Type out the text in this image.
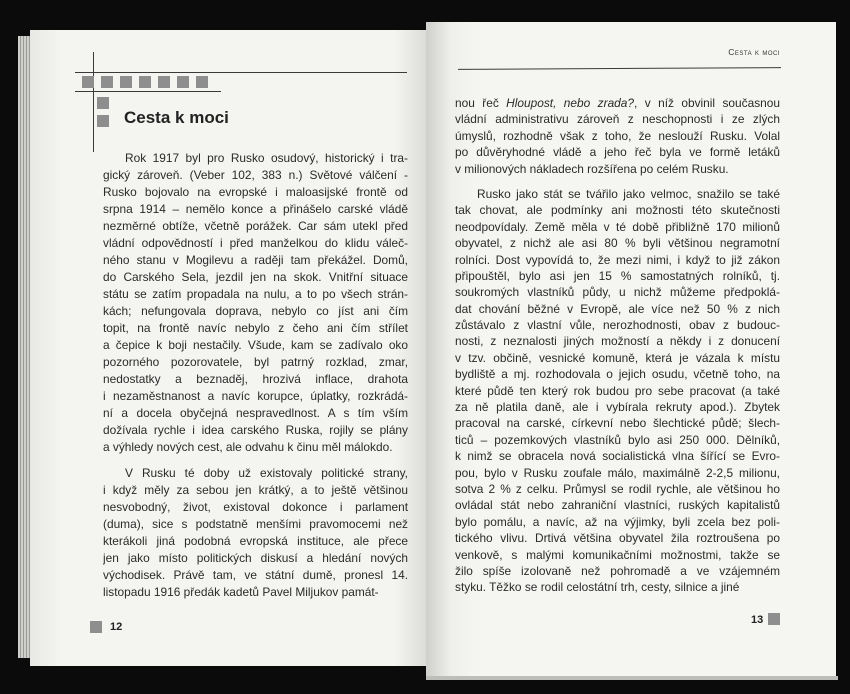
Cesta k moci
Rok 1917 byl pro Rusko osudový, historický i tra-
gický zároveň. (Veber 102, 383 n.) Světové válčení -
Rusko bojovalo na evropské i maloasijské frontě od
srpna 1914 – nemělo konce a přinášelo carské vládě
nezměrné obtíže, včetně porážek. Car sám utekl před
vládní odpovědností i před manželkou do klidu váleč-
ného stanu v Mogilevu a raději tam překážel. Domů,
do Carského Sela, jezdil jen na skok. Vnitřní situace
státu se zatím propadala na nulu, a to po všech strán-
kách; nefungovala doprava, nebylo co jíst ani čím
topit, na frontě navíc nebylo z čeho ani čím střílet
a čepice k boji nestačily. Všude, kam se zadívalo oko
pozorného pozorovatele, byl patrný rozklad, zmar,
nedostatky a beznaděj, hrozivá inflace, drahota
i nezaměstnanost a navíc korupce, úplatky, rozkrádá-
ní a docela obyčejná nespravedlnost. A s tím vším
dožívala rychle i idea carského Ruska, rojily se plány
a výhledy nových cest, ale odvahu k činu měl málokdo.
V Rusku té doby už existovaly politické strany,
i když měly za sebou jen krátký, a to ještě většinou
nesvobodný, život, existoval dokonce i parlament
(duma), sice s podstatně menšími pravomocemi než
kterákoli jiná podobná evropská instituce, ale přece
jen jako místo politických diskusí a hledání nových
východisek. Právě tam, ve státní dumě, pronesl 14.
listopadu 1916 předák kadetů Pavel Miljukov památ-
12
Cesta k moci
nou řeč Hloupost, nebo zrada?, v níž obvinil současnou
vládní administrativu zároveň z neschopnosti i ze zlých
úmyslů, rozhodně však z toho, že neslouží Rusku. Volal
po důvěryhodné vládě a jeho řeč byla ve formě letáků
v milionových nákladech rozšířena po celém Rusku.
Rusko jako stát se tvářilo jako velmoc, snažilo se také
tak chovat, ale podmínky ani možnosti této skutečnosti
neodpovídaly. Země měla v té době přibližně 170 milionů
obyvatel, z nichž ale asi 80 % byli většinou negramotní
rolníci. Dost vypovídá to, že mezi nimi, i když to již zákon
připouštěl, bylo asi jen 15 % samostatných rolníků, tj.
soukromých vlastníků půdy, u nichž můžeme předpoklá-
dat chování běžné v Evropě, ale více než 50 % z nich
zůstávalo z vlastní vůle, nerozhodnosti, obav z budouc-
nosti, z neznalosti jiných možností a někdy i z donucení
v tzv. občině, vesnické komuně, která je vázala k místu
bydliště a mj. rozhodovala o jejich osudu, včetně toho, na
které půdě ten který rok budou pro sebe pracovat (a také
za ně platila daně, ale i vybírala rekruty apod.). Zbytek
pracoval na carské, církevní nebo šlechtické půdě; šlech-
ticů – pozemkových vlastníků bylo asi 250 000. Dělníků,
k nimž se obracela nová socialistická vlna šířící se Evro-
pou, bylo v Rusku zoufale málo, maximálně 2-2,5 milionu,
sotva 2 % z celku. Průmysl se rodil rychle, ale většinou ho
ovládal stát nebo zahraniční vlastníci, ruských kapitalistů
bylo pomálu, a navíc, až na výjimky, byli zcela bez poli-
tického vlivu. Drtivá většina obyvatel žila roztroušena po
venkově, s malými komunikačními možnostmi, takže se
žilo spíše izolovaně než pohromadě a ve vzájemném
styku. Těžko se rodil celostátní trh, cesty, silnice a jiné
13
